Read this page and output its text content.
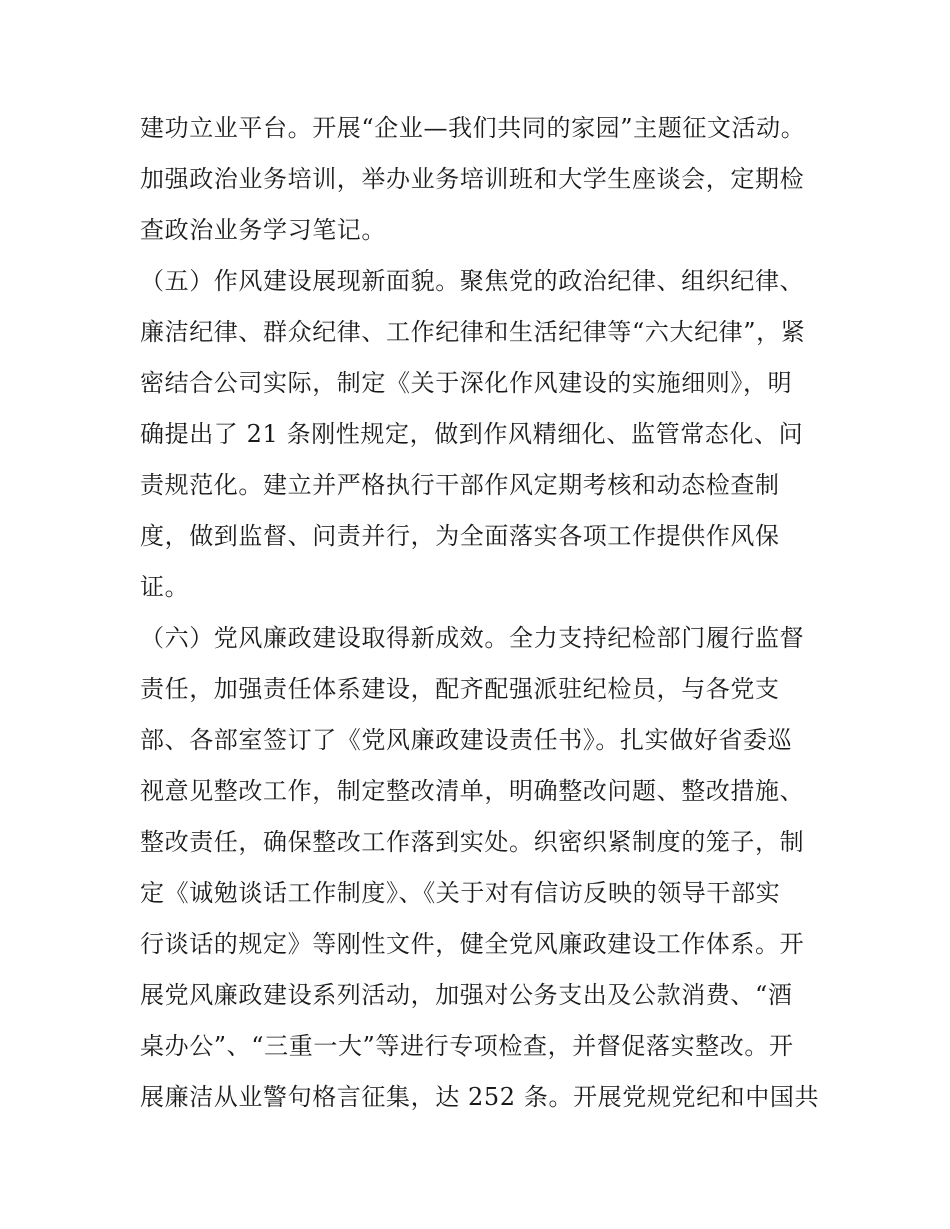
建功立业平台。开展“企业—我们共同的家园”主题征文活动。

加强政治业务培训，举办业务培训班和大学生座谈会，定期检

查政治业务学习笔记。

（五）作风建设展现新面貌。聚焦党的政治纪律、组织纪律、

廉洁纪律、群众纪律、工作纪律和生活纪律等“六大纪律”，紧

密结合公司实际，制定《关于深化作风建设的实施细则》，明

确提出了 21 条刚性规定，做到作风精细化、监管常态化、问

责规范化。建立并严格执行干部作风定期考核和动态检查制

度，做到监督、问责并行，为全面落实各项工作提供作风保

证。

（六）党风廉政建设取得新成效。全力支持纪检部门履行监督

责任，加强责任体系建设，配齐配强派驻纪检员，与各党支

部、各部室签订了《党风廉政建设责任书》。扎实做好省委巡

视意见整改工作，制定整改清单，明确整改问题、整改措施、

整改责任，确保整改工作落到实处。织密织紧制度的笼子，制

定《诚勉谈话工作制度》、《关于对有信访反映的领导干部实

行谈话的规定》等刚性文件，健全党风廉政建设工作体系。开

展党风廉政建设系列活动，加强对公务支出及公款消费、“酒

桌办公”、“三重一大”等进行专项检查，并督促落实整改。开

展廉洁从业警句格言征集，达 252 条。开展党规党纪和中国共
